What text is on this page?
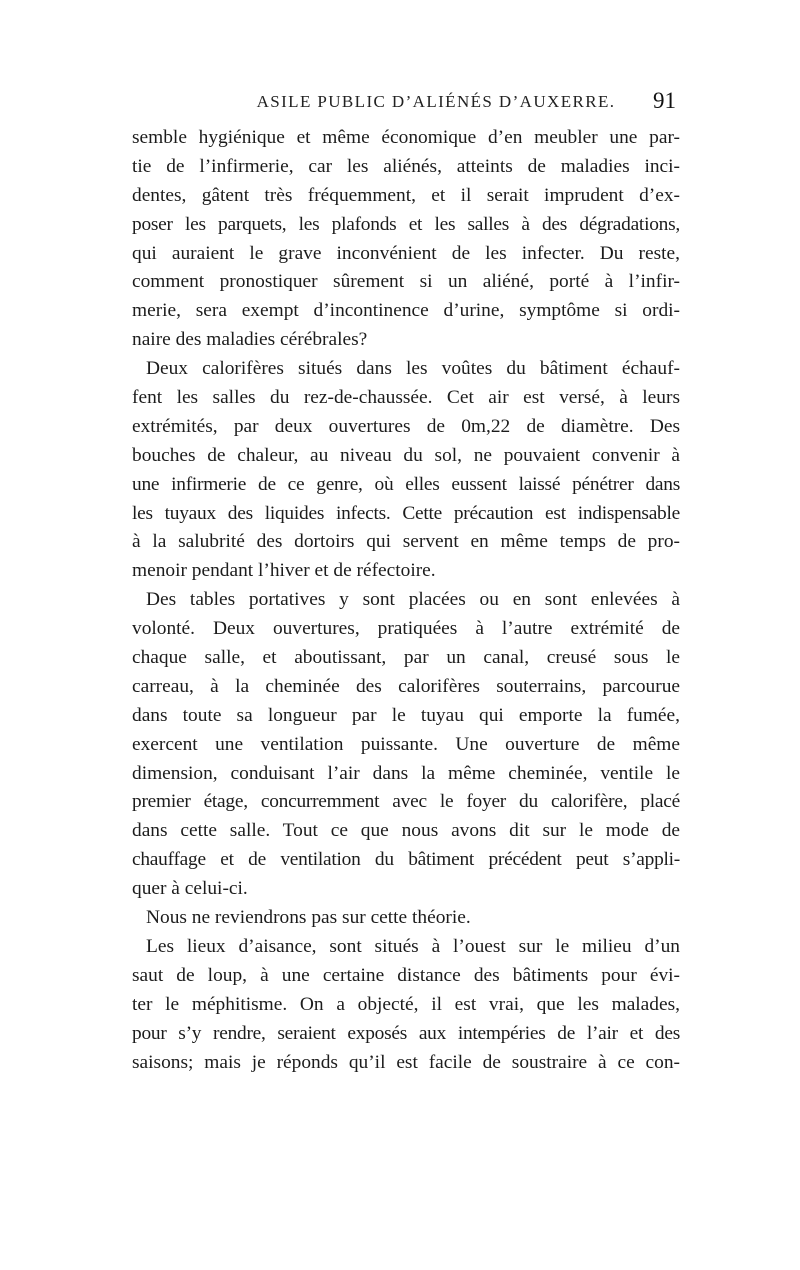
ASILE PUBLIC D’ALIÉNÉS D’AUXERRE.	91
semble hygiénique et même économique d’en meubler une par-
tie de l’infirmerie, car les aliénés, atteints de maladies inci-
dentes, gâtent très fréquemment, et il serait imprudent d’ex-
poser les parquets, les plafonds et les salles à des dégradations,
qui auraient le grave inconvénient de les infecter. Du reste,
comment pronostiquer sûrement si un aliéné, porté à l’infir-
merie, sera exempt d’incontinence d’urine, symptôme si ordi-
naire des maladies cérébrales?
Deux calorifères situés dans les voûtes du bâtiment échauf-
fent les salles du rez-de-chaussée. Cet air est versé, à leurs
extrémités, par deux ouvertures de 0m,22 de diamètre. Des
bouches de chaleur, au niveau du sol, ne pouvaient convenir à
une infirmerie de ce genre, où elles eussent laissé pénétrer dans
les tuyaux des liquides infects. Cette précaution est indispensable
à la salubrité des dortoirs qui servent en même temps de pro-
menoir pendant l’hiver et de réfectoire.
Des tables portatives y sont placées ou en sont enlevées à
volonté. Deux ouvertures, pratiquées à l’autre extrémité de
chaque salle, et aboutissant, par un canal, creusé sous le
carreau, à la cheminée des calorifères souterrains, parcourue
dans toute sa longueur par le tuyau qui emporte la fumée,
exercent une ventilation puissante. Une ouverture de même
dimension, conduisant l’air dans la même cheminée, ventile le
premier étage, concurremment avec le foyer du calorifère, placé
dans cette salle. Tout ce que nous avons dit sur le mode de
chauffage et de ventilation du bâtiment précédent peut s’appli-
quer à celui-ci.
Nous ne reviendrons pas sur cette théorie.
Les lieux d’aisance, sont situés à l’ouest sur le milieu d’un
saut de loup, à une certaine distance des bâtiments pour évi-
ter le méphitisme. On a objecté, il est vrai, que les malades,
pour s’y rendre, seraient exposés aux intempéries de l’air et des
saisons; mais je réponds qu’il est facile de soustraire à ce con-
